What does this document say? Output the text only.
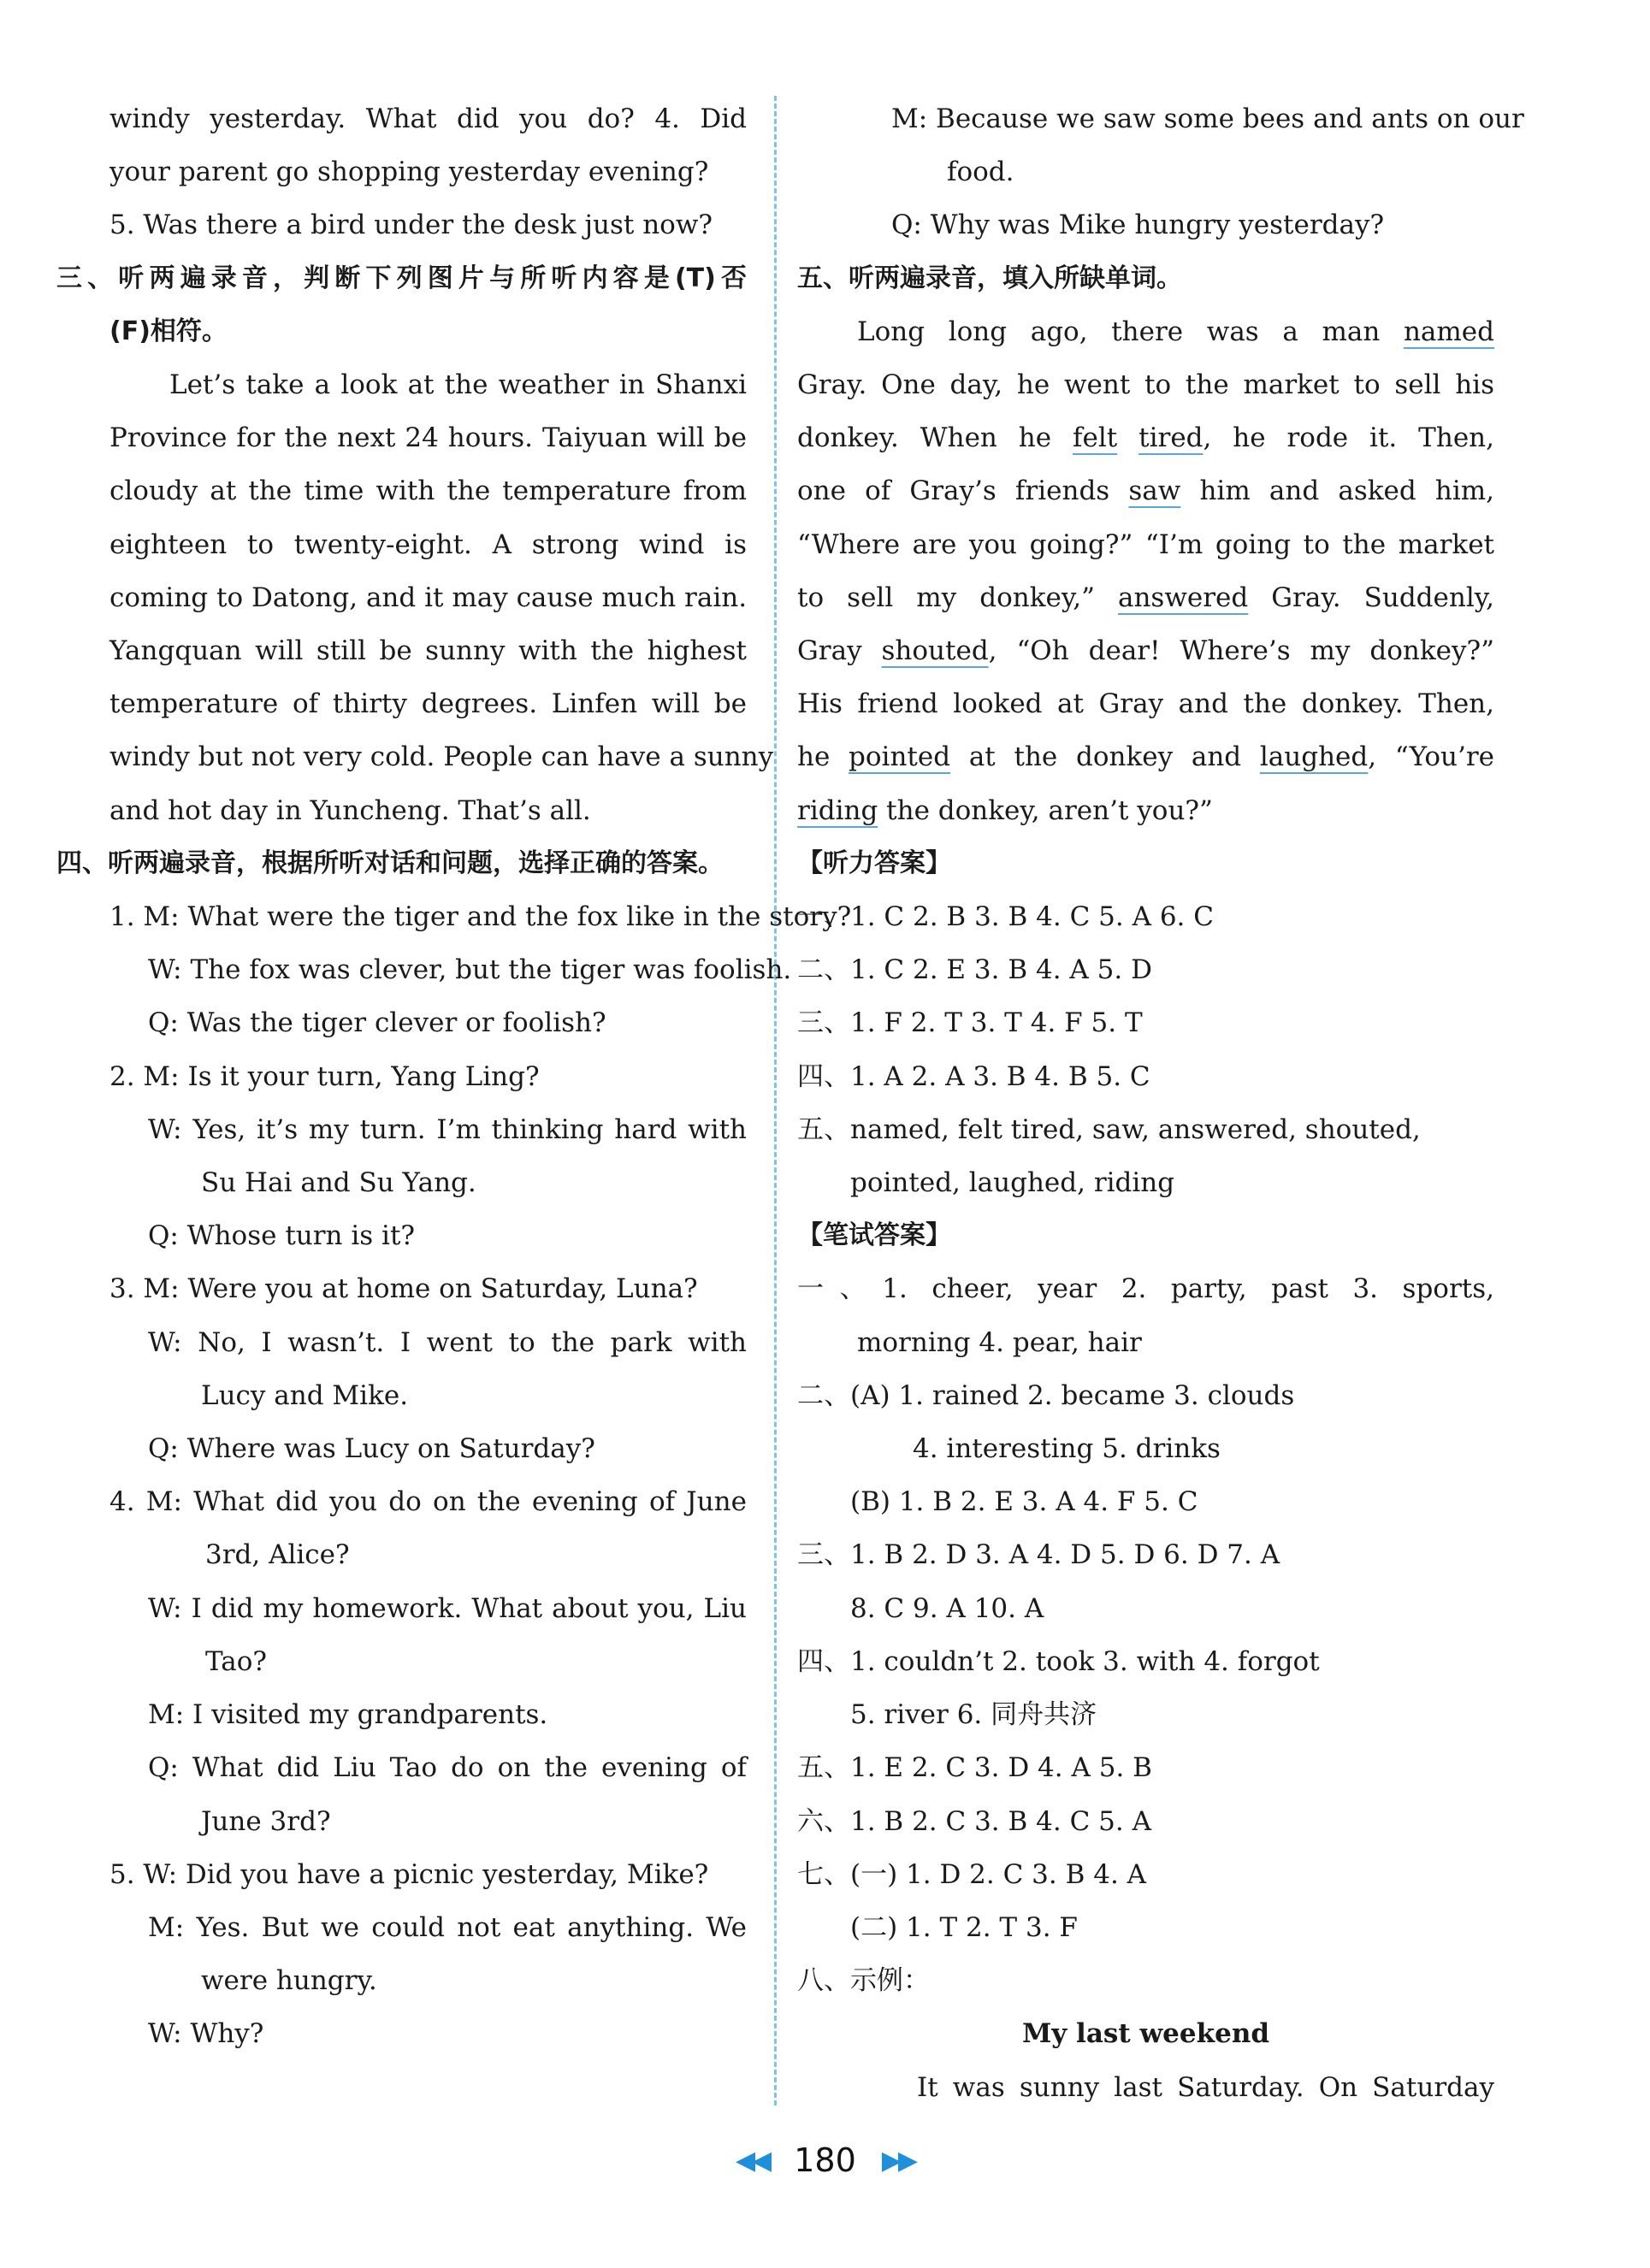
windy yesterday. What did you do? 4. Did
your parent go shopping yesterday evening?
5. Was there a bird under the desk just now?
三、听两遍录音，判断下列图片与所听内容是(T)否
(F)相符。
Let’s take a look at the weather in Shanxi
Province for the next 24 hours. Taiyuan will be
cloudy at the time with the temperature from
eighteen to twenty-eight. A strong wind is
coming to Datong, and it may cause much rain.
Yangquan will still be sunny with the highest
temperature of thirty degrees. Linfen will be
windy but not very cold. People can have a sunny
and hot day in Yuncheng. That’s all.
四、听两遍录音，根据所听对话和问题，选择正确的答案。
1. M: What were the tiger and the fox like in the story?
W: The fox was clever, but the tiger was foolish.
Q: Was the tiger clever or foolish?
2. M: Is it your turn, Yang Ling?
W: Yes, it’s my turn. I’m thinking hard with
Su Hai and Su Yang.
Q: Whose turn is it?
3. M: Were you at home on Saturday, Luna?
W: No, I wasn’t. I went to the park with
Lucy and Mike.
Q: Where was Lucy on Saturday?
4. M: What did you do on the evening of June
3rd, Alice?
W: I did my homework. What about you, Liu
Tao?
M: I visited my grandparents.
Q: What did Liu Tao do on the evening of
June 3rd?
5. W: Did you have a picnic yesterday, Mike?
M: Yes. But we could not eat anything. We
were hungry.
W: Why?
M: Because we saw some bees and ants on our
food.
Q: Why was Mike hungry yesterday?
五、听两遍录音，填入所缺单词。
Long long ago, there was a man named
Gray. One day, he went to the market to sell his
donkey. When he felt tired, he rode it. Then,
one of Gray’s friends saw him and asked him,
“Where are you going?” “I’m going to the market
to sell my donkey,” answered Gray. Suddenly,
Gray shouted, “Oh dear! Where’s my donkey?”
His friend looked at Gray and the donkey. Then,
he pointed at the donkey and laughed, “You’re
riding the donkey, aren’t you?”
【听力答案】
一、1. C 2. B 3. B 4. C 5. A 6. C
二、1. C 2. E 3. B 4. A 5. D
三、1. F 2. T 3. T 4. F 5. T
四、1. A 2. A 3. B 4. B 5. C
五、named, felt tired, saw, answered, shouted,
pointed, laughed, riding
【笔试答案】
一、1. cheer, year 2. party, past 3. sports,
morning 4. pear, hair
二、(A) 1. rained 2. became 3. clouds
4. interesting 5. drinks
(B) 1. B 2. E 3. A 4. F 5. C
三、1. B 2. D 3. A 4. D 5. D 6. D 7. A
8. C 9. A 10. A
四、1. couldn’t 2. took 3. with 4. forgot
5. river 6. 同舟共济
五、1. E 2. C 3. D 4. A 5. B
六、1. B 2. C 3. B 4. C 5. A
七、(一) 1. D 2. C 3. B 4. A
(二) 1. T 2. T 3. F
八、示例：
My last weekend
It was sunny last Saturday. On Saturday
◀◀ 180 ▶▶
